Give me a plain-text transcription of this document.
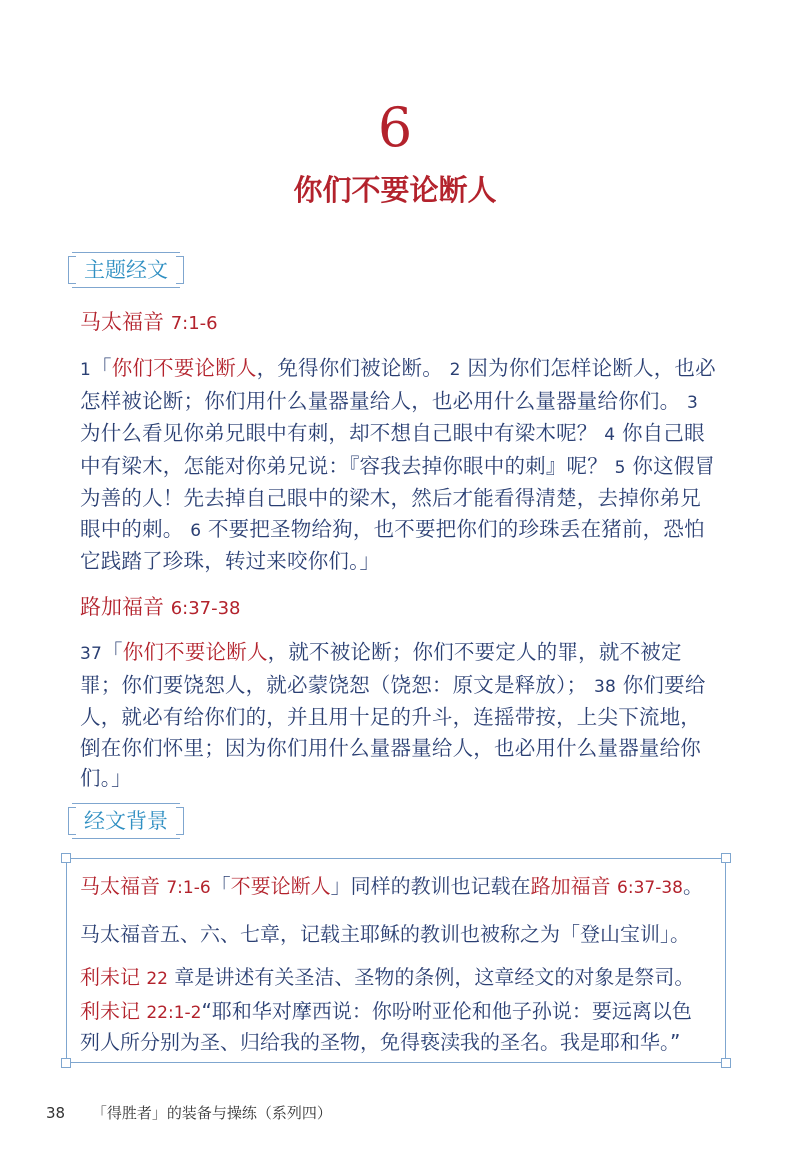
6
你们不要论断人
主题经文
马太福音 7:1-6
1「你们不要论断人，免得你们被论断。 2 因为你们怎样论断人，也必怎样被论断；你们用什么量器量给人，也必用什么量器量给你们。 3 为什么看见你弟兄眼中有刺，却不想自己眼中有梁木呢？ 4 你自己眼中有梁木，怎能对你弟兄说：『容我去掉你眼中的刺』呢？ 5 你这假冒为善的人！先去掉自己眼中的梁木，然后才能看得清楚，去掉你弟兄眼中的刺。 6 不要把圣物给狗，也不要把你们的珍珠丢在猪前，恐怕它践踏了珍珠，转过来咬你们。」
路加福音 6:37-38
37「你们不要论断人，就不被论断；你们不要定人的罪，就不被定罪；你们要饶恕人，就必蒙饶恕（饶恕：原文是释放）； 38 你们要给人，就必有给你们的，并且用十足的升斗，连摇带按，上尖下流地，倒在你们怀里；因为你们用什么量器量给人，也必用什么量器量给你们。」
经文背景
马太福音 7:1-6「不要论断人」同样的教训也记载在路加福音 6:37-38。
马太福音五、六、七章，记载主耶稣的教训也被称之为「登山宝训」。
利未记 22 章是讲述有关圣洁、圣物的条例，这章经文的对象是祭司。
利未记 22:1-2“耶和华对摩西说：你吩咐亚伦和他子孙说：要远离以色
列人所分别为圣、归给我的圣物，免得亵渎我的圣名。我是耶和华。”
38 「得胜者」的装备与操练（系列四）
